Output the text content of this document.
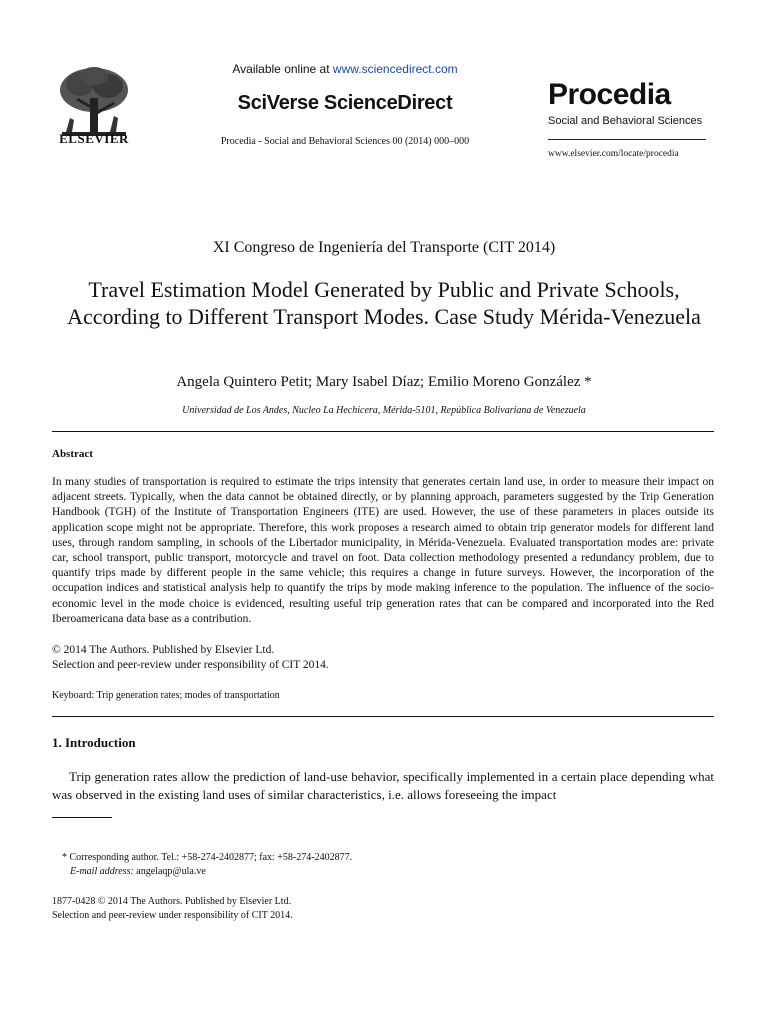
ELSEVIER
Available online at www.sciencedirect.com
SciVerse ScienceDirect
Procedia - Social and Behavioral Sciences 00 (2014) 000–000
Procedia
Social and Behavioral Sciences
www.elsevier.com/locate/procedia
XI Congreso de Ingeniería del Transporte (CIT 2014)
Travel Estimation Model Generated by Public and Private Schools, According to Different Transport Modes. Case Study Mérida-Venezuela
Angela Quintero Petit; Mary Isabel Díaz; Emilio Moreno González *
Universidad de Los Andes, Nucleo La Hechicera, Mérida-5101, República Bolivariana de Venezuela
Abstract
In many studies of transportation is required to estimate the trips intensity that generates certain land use, in order to measure their impact on adjacent streets. Typically, when the data cannot be obtained directly, or by planning approach, parameters suggested by the Trip Generation Handbook (TGH) of the Institute of Transportation Engineers (ITE) are used. However, the use of these parameters in places outside its application scope might not be appropriate. Therefore, this work proposes a research aimed to obtain trip generator models for different land uses, through random sampling, in schools of the Libertador municipality, in Mérida-Venezuela. Evaluated transportation modes are: private car, school transport, public transport, motorcycle and travel on foot. Data collection methodology presented a redundancy problem, due to quantify trips made by different people in the same vehicle; this requires a change in future surveys. However, the incorporation of the occupation indices and statistical analysis help to quantify the trips by mode making inference to the population. The influence of the socio-economic level in the mode choice is evidenced, resulting useful trip generation rates that can be compared and incorporated into the Red Iberoamericana data base as a contribution.
© 2014 The Authors. Published by Elsevier Ltd.
Selection and peer-review under responsibility of CIT 2014.
Keyboard: Trip generation rates; modes of transportation
1. Introduction
Trip generation rates allow the prediction of land-use behavior, specifically implemented in a certain place depending what was observed in the existing land uses of similar characteristics, i.e. allows foreseeing the impact
* Corresponding author. Tel.: +58-274-2402877; fax: +58-274-2402877.
E-mail address: angelaqp@ula.ve
1877-0428 © 2014 The Authors. Published by Elsevier Ltd.
Selection and peer-review under responsibility of CIT 2014.
